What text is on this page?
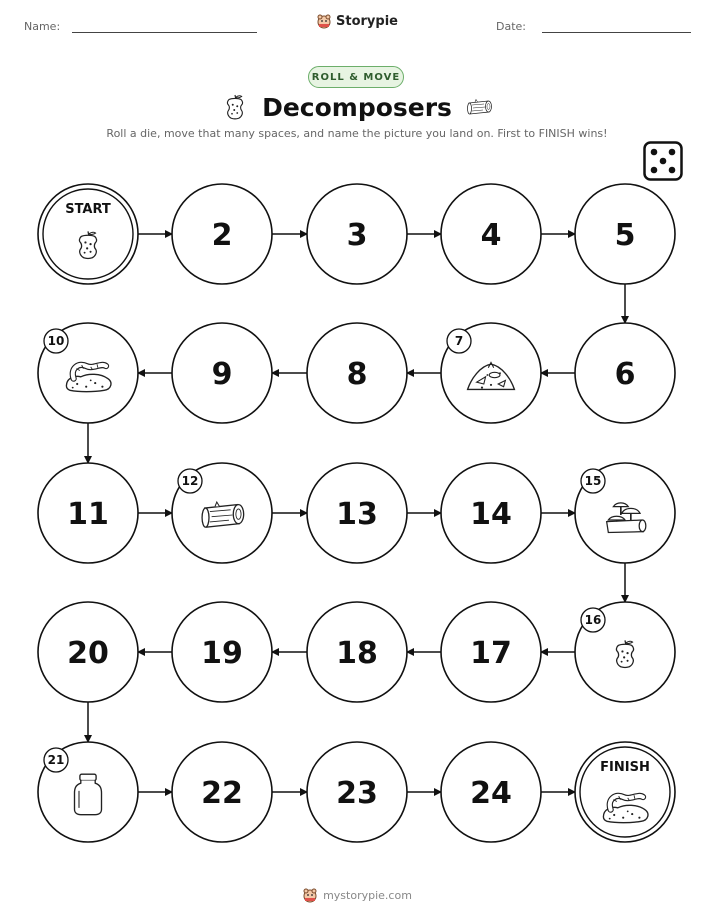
Name:	Storypie	Date:
ROLL & MOVE
Decomposers
Roll a die, move that many spaces, and name the picture you land on. First to FINISH wins!
START
2	3	4	5
6
7
8
9
10
11
12
13	14
15
16
17
18
19
20
21
22	23	24
FINISH
mystorypie.com
